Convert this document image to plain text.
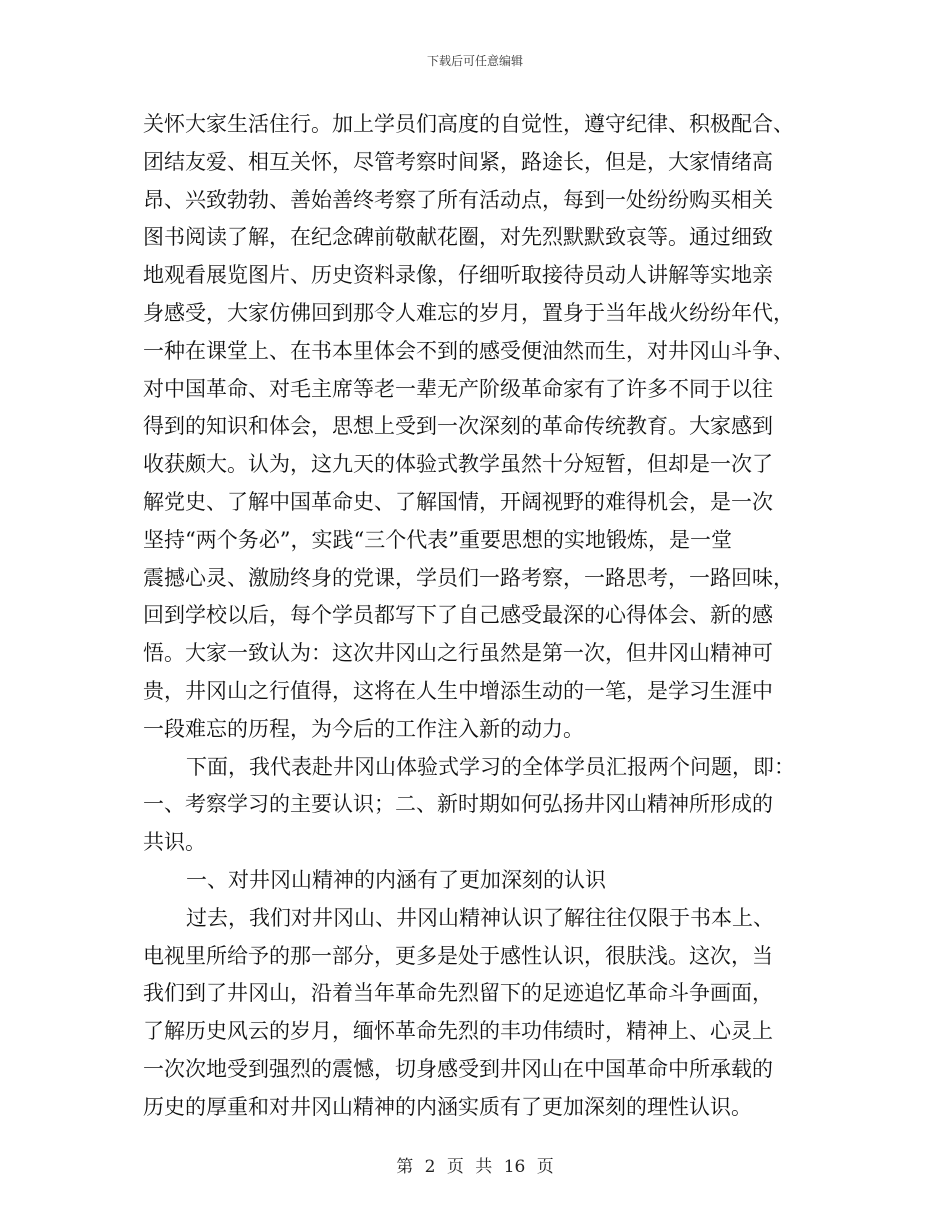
下载后可任意编辑
关怀大家生活住行。加上学员们高度的自觉性，遵守纪律、积极配合、
团结友爱、相互关怀，尽管考察时间紧，路途长，但是，大家情绪高
昂、兴致勃勃、善始善终考察了所有活动点，每到一处纷纷购买相关
图书阅读了解，在纪念碑前敬献花圈，对先烈默默致哀等。通过细致
地观看展览图片、历史资料录像，仔细听取接待员动人讲解等实地亲
身感受，大家仿佛回到那令人难忘的岁月，置身于当年战火纷纷年代，
一种在课堂上、在书本里体会不到的感受便油然而生，对井冈山斗争、
对中国革命、对毛主席等老一辈无产阶级革命家有了许多不同于以往
得到的知识和体会，思想上受到一次深刻的革命传统教育。大家感到
收获颇大。认为，这九天的体验式教学虽然十分短暂，但却是一次了
解党史、了解中国革命史、了解国情，开阔视野的难得机会，是一次
坚持“两个务必”，实践“三个代表”重要思想的实地锻炼，是一堂
震撼心灵、激励终身的党课，学员们一路考察，一路思考，一路回味，
回到学校以后，每个学员都写下了自己感受最深的心得体会、新的感
悟。大家一致认为：这次井冈山之行虽然是第一次，但井冈山精神可
贵，井冈山之行值得，这将在人生中增添生动的一笔，是学习生涯中
一段难忘的历程，为今后的工作注入新的动力。
下面，我代表赴井冈山体验式学习的全体学员汇报两个问题，即：
一、考察学习的主要认识；二、新时期如何弘扬井冈山精神所形成的
共识。
一、对井冈山精神的内涵有了更加深刻的认识
过去，我们对井冈山、井冈山精神认识了解往往仅限于书本上、
电视里所给予的那一部分，更多是处于感性认识，很肤浅。这次，当
我们到了井冈山，沿着当年革命先烈留下的足迹追忆革命斗争画面，
了解历史风云的岁月，缅怀革命先烈的丰功伟绩时，精神上、心灵上
一次次地受到强烈的震憾，切身感受到井冈山在中国革命中所承载的
历史的厚重和对井冈山精神的内涵实质有了更加深刻的理性认识。
第 2 页 共 16 页
